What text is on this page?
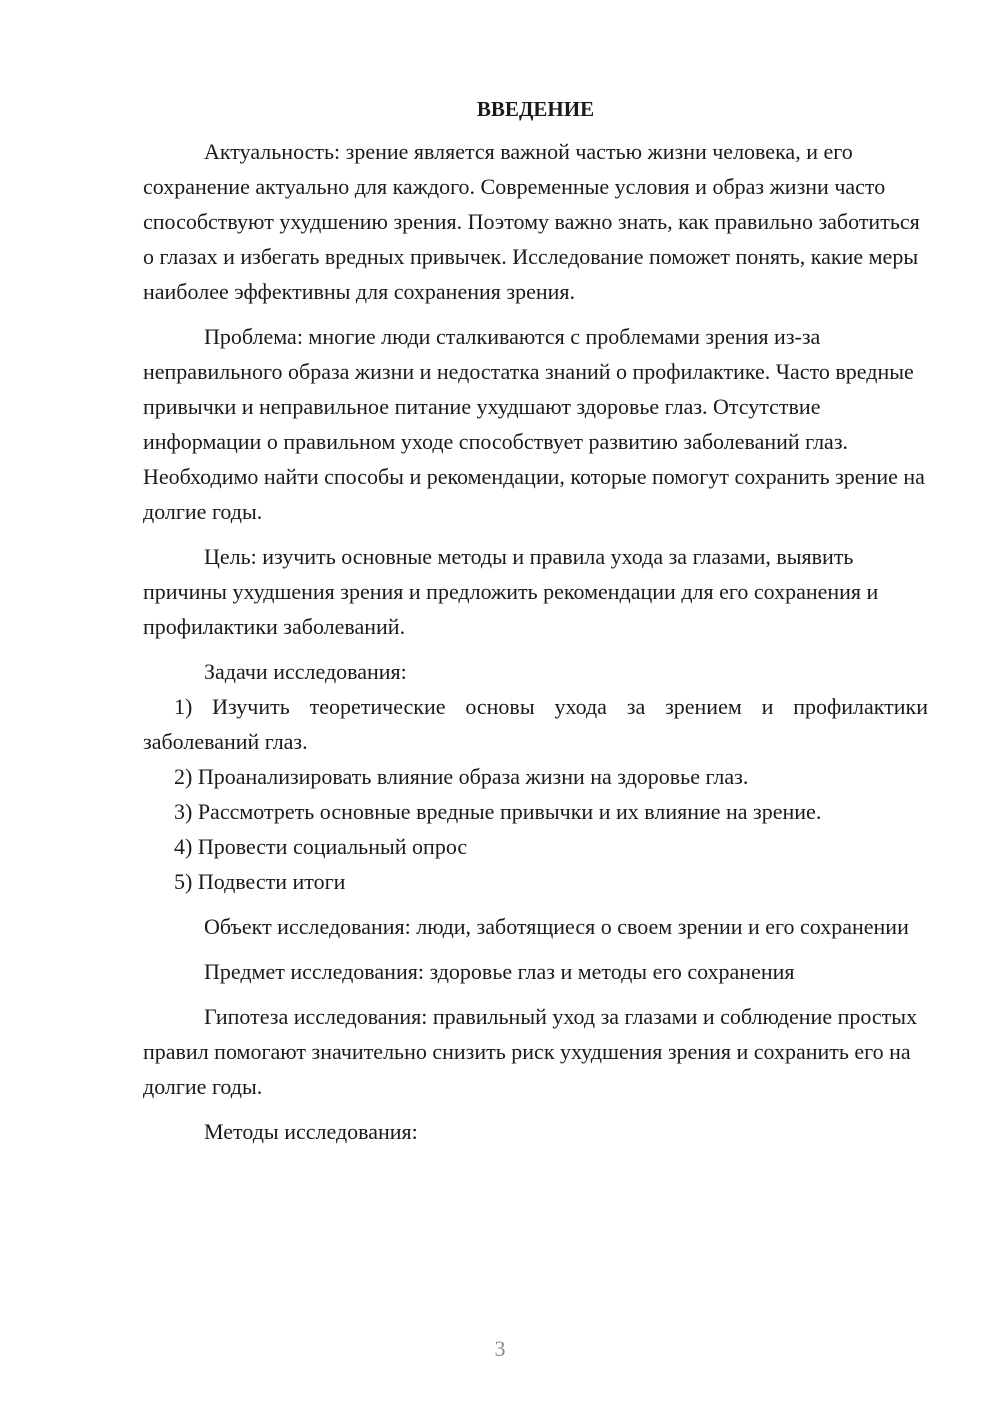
ВВЕДЕНИЕ

Актуальность: зрение является важной частью жизни человека, и его сохранение актуально для каждого. Современные условия и образ жизни часто способствуют ухудшению зрения. Поэтому важно знать, как правильно заботиться о глазах и избегать вредных привычек. Исследование поможет понять, какие меры наиболее эффективны для сохранения зрения.

Проблема: многие люди сталкиваются с проблемами зрения из-за неправильного образа жизни и недостатка знаний о профилактике. Часто вредные привычки и неправильное питание ухудшают здоровье глаз. Отсутствие информации о правильном уходе способствует развитию заболеваний глаз. Необходимо найти способы и рекомендации, которые помогут сохранить зрение на долгие годы.

Цель: изучить основные методы и правила ухода за глазами, выявить причины ухудшения зрения и предложить рекомендации для его сохранения и профилактики заболеваний.

Задачи исследования:

1) Изучить теоретические основы ухода за зрением и профилактики заболеваний глаз.

2) Проанализировать влияние образа жизни на здоровье глаз.

3) Рассмотреть основные вредные привычки и их влияние на зрение.

4) Провести социальный опрос

5) Подвести итоги

Объект исследования: люди, заботящиеся о своем зрении и его сохранении

Предмет исследования: здоровье глаз и методы его сохранения

Гипотеза исследования: правильный уход за глазами и соблюдение простых правил помогают значительно снизить риск ухудшения зрения и сохранить его на долгие годы.

Методы исследования:

3
